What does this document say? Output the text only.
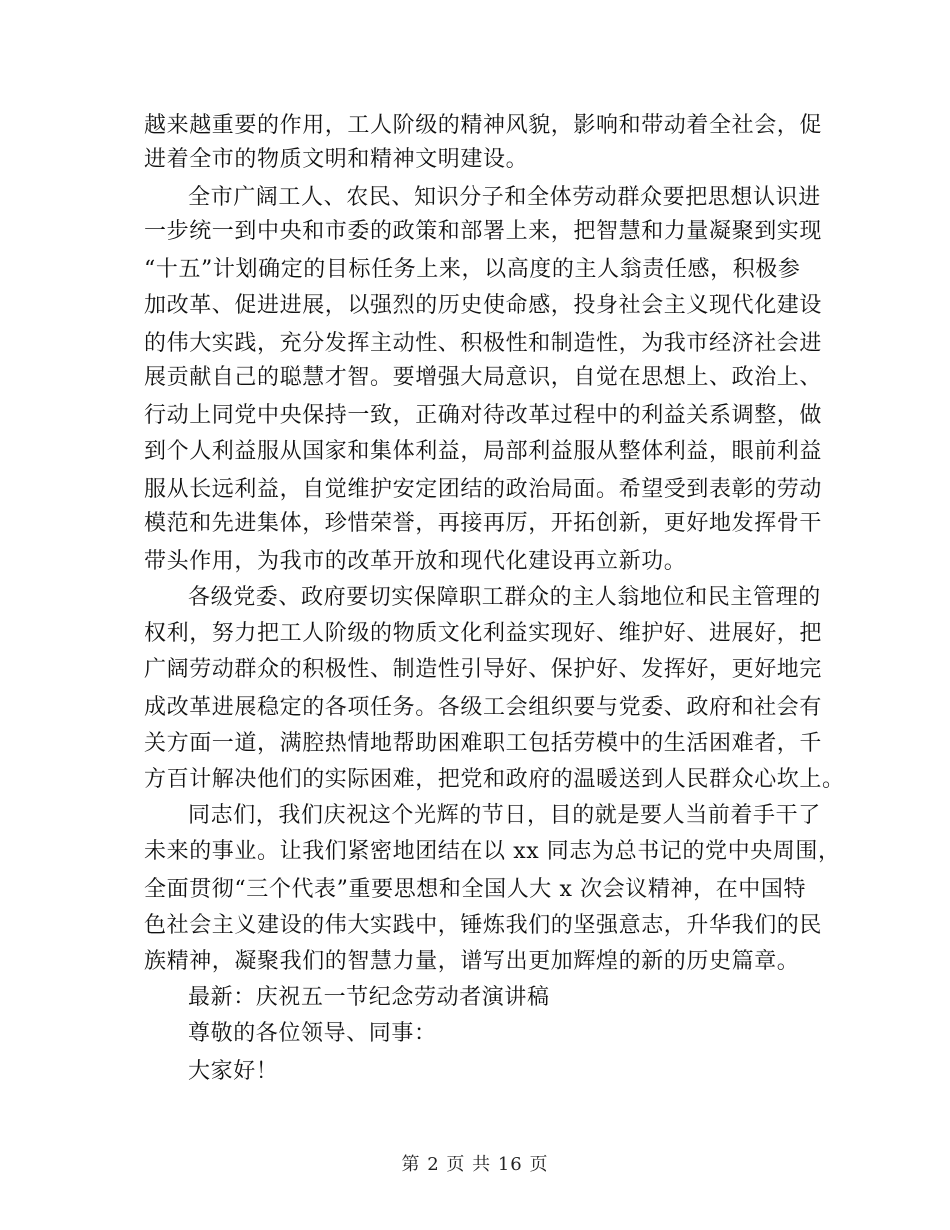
越来越重要的作用，工人阶级的精神风貌，影响和带动着全社会，促
进着全市的物质文明和精神文明建设。
全市广阔工人、农民、知识分子和全体劳动群众要把思想认识进
一步统一到中央和市委的政策和部署上来，把智慧和力量凝聚到实现
“十五”计划确定的目标任务上来，以高度的主人翁责任感，积极参
加改革、促进进展，以强烈的历史使命感，投身社会主义现代化建设
的伟大实践，充分发挥主动性、积极性和制造性，为我市经济社会进
展贡献自己的聪慧才智。要增强大局意识，自觉在思想上、政治上、
行动上同党中央保持一致，正确对待改革过程中的利益关系调整，做
到个人利益服从国家和集体利益，局部利益服从整体利益，眼前利益
服从长远利益，自觉维护安定团结的政治局面。希望受到表彰的劳动
模范和先进集体，珍惜荣誉，再接再厉，开拓创新，更好地发挥骨干
带头作用，为我市的改革开放和现代化建设再立新功。
各级党委、政府要切实保障职工群众的主人翁地位和民主管理的
权利，努力把工人阶级的物质文化利益实现好、维护好、进展好，把
广阔劳动群众的积极性、制造性引导好、保护好、发挥好，更好地完
成改革进展稳定的各项任务。各级工会组织要与党委、政府和社会有
关方面一道，满腔热情地帮助困难职工包括劳模中的生活困难者，千
方百计解决他们的实际困难，把党和政府的温暖送到人民群众心坎上。
同志们，我们庆祝这个光辉的节日，目的就是要人当前着手干了
未来的事业。让我们紧密地团结在以 xx 同志为总书记的党中央周围，
全面贯彻“三个代表”重要思想和全国人大 x 次会议精神，在中国特
色社会主义建设的伟大实践中，锤炼我们的坚强意志，升华我们的民
族精神，凝聚我们的智慧力量，谱写出更加辉煌的新的历史篇章。
最新：庆祝五一节纪念劳动者演讲稿
尊敬的各位领导、同事：
大家好！
第 2 页 共 16 页
